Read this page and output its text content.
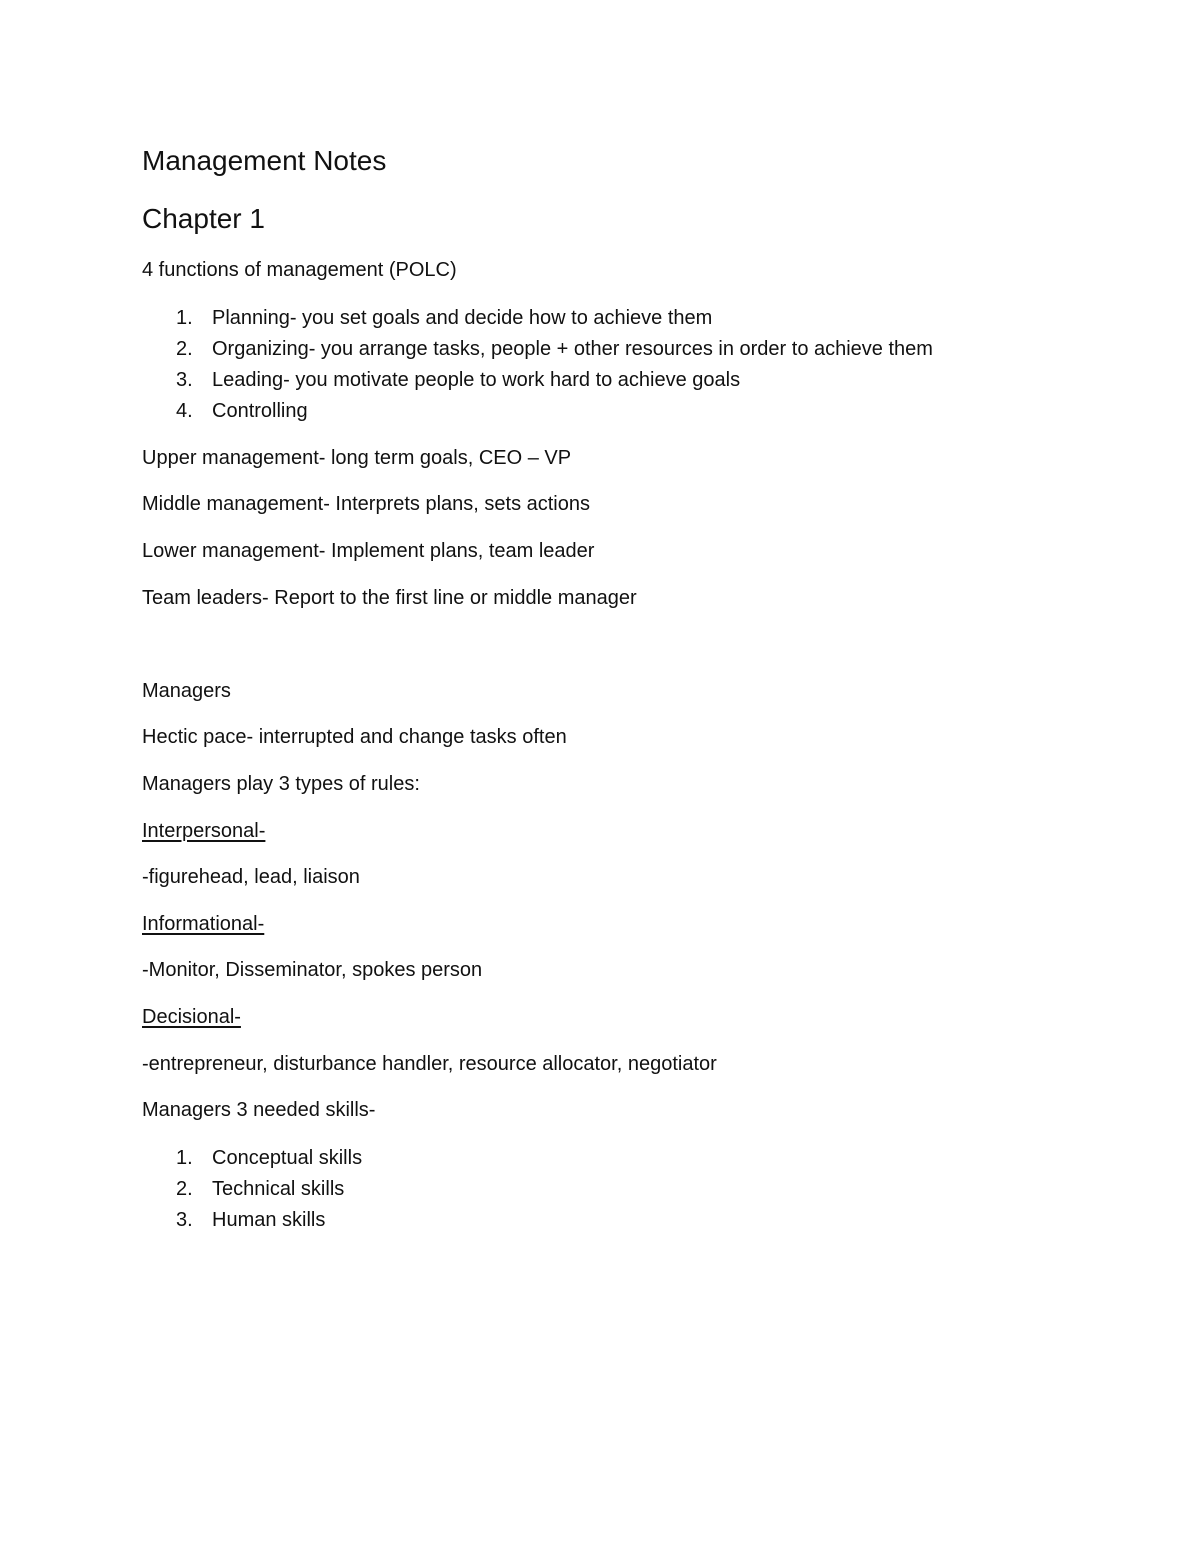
Management Notes
Chapter 1
4 functions of management (POLC)
1. Planning- you set goals and decide how to achieve them
2. Organizing- you arrange tasks, people + other resources in order to achieve them
3. Leading- you motivate people to work hard to achieve goals
4. Controlling
Upper management- long term goals, CEO – VP
Middle management- Interprets plans, sets actions
Lower management- Implement plans, team leader
Team leaders- Report to the first line or middle manager
Managers
Hectic pace- interrupted and change tasks often
Managers play 3 types of rules:
Interpersonal-
-figurehead, lead, liaison
Informational-
-Monitor, Disseminator, spokes person
Decisional-
-entrepreneur, disturbance handler, resource allocator, negotiator
Managers 3 needed skills-
1. Conceptual skills
2. Technical skills
3. Human skills
